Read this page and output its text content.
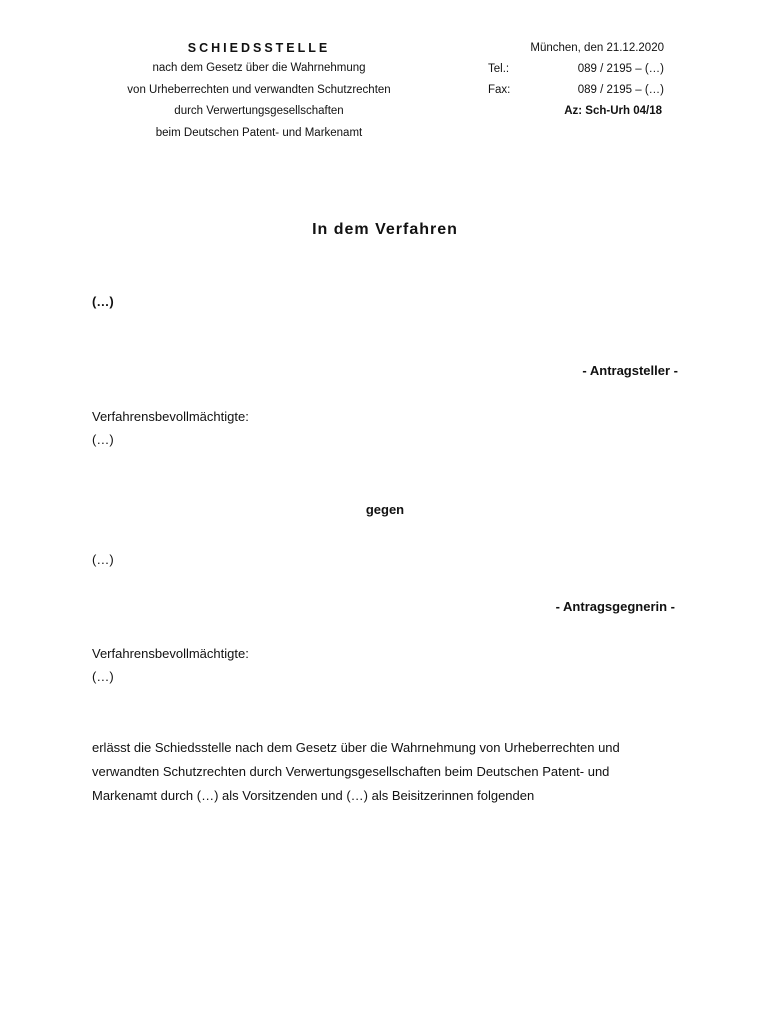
SCHIEDSSTELLE
nach dem Gesetz über die Wahrnehmung
von Urheberrechten und verwandten Schutzrechten
durch Verwertungsgesellschaften
beim Deutschen Patent- und Markenamt
München, den 21.12.2020
Tel.:	089 / 2195 – (…)
Fax:	089 / 2195 – (…)
Az: Sch-Urh 04/18
In dem Verfahren
(…)
- Antragsteller -
Verfahrensbevollmächtigte:
(…)
gegen
(…)
- Antragsgegnerin -
Verfahrensbevollmächtigte:
(…)
erlässt die Schiedsstelle nach dem Gesetz über die Wahrnehmung von Urheberrechten und
verwandten Schutzrechten durch Verwertungsgesellschaften beim Deutschen Patent- und
Markenamt durch (…) als Vorsitzenden und (…) als Beisitzerinnen folgenden
